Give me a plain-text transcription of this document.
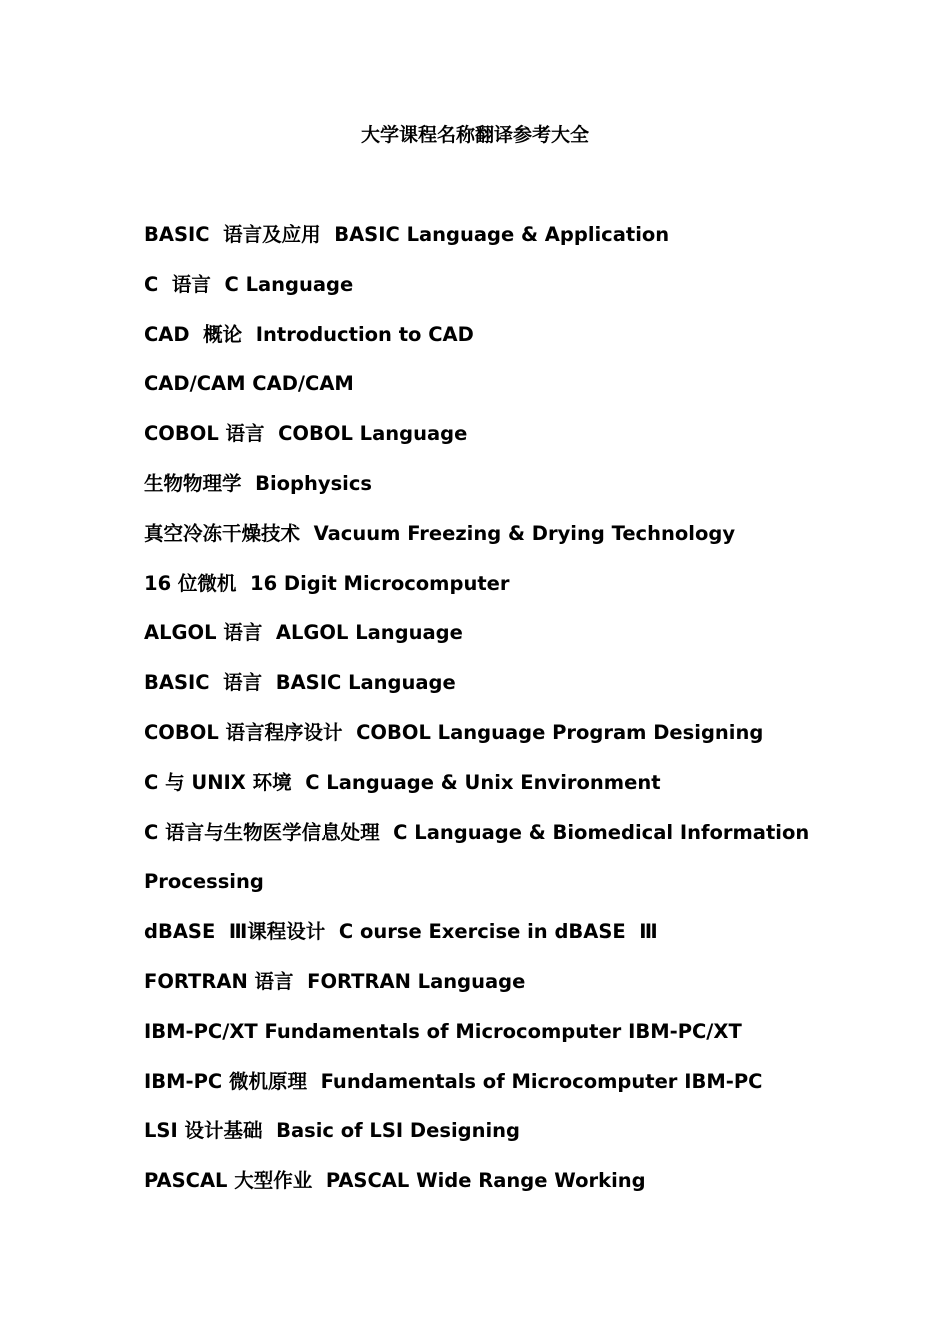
大学课程名称翻译参考大全
BASIC  语言及应用  BASIC Language & Application
C  语言  C Language
CAD  概论  Introduction to CAD
CAD/CAM CAD/CAM
COBOL 语言  COBOL Language
生物物理学  Biophysics
真空冷冻干燥技术  Vacuum Freezing & Drying Technology
16 位微机  16 Digit Microcomputer
ALGOL 语言  ALGOL Language
BASIC  语言  BASIC Language
COBOL 语言程序设计  COBOL Language Program Designing
C 与 UNIX 环境  C Language & Unix Environment
C 语言与生物医学信息处理  C Language & Biomedical Information
Processing
dBASE  Ⅲ课程设计  C ourse Exercise in dBASE  Ⅲ
FORTRAN 语言  FORTRAN Language
IBM-PC/XT Fundamentals of Microcomputer IBM-PC/XT
IBM-PC 微机原理  Fundamentals of Microcomputer IBM-PC
LSI 设计基础  Basic of LSI Designing
PASCAL 大型作业  PASCAL Wide Range Working
